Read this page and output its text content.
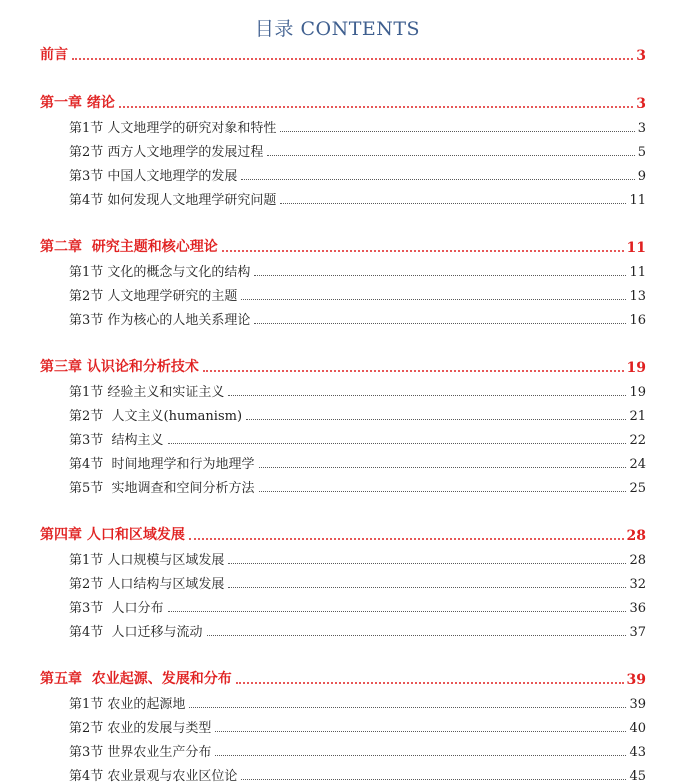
目录 CONTENTS
前言	3
第一章 绪论	3
第1节 人文地理学的研究对象和特性	3
第2节 西方人文地理学的发展过程	5
第3节 中国人文地理学的发展	9
第4节 如何发现人文地理学研究问题	11
第二章 研究主题和核心理论	11
第1节 文化的概念与文化的结构	11
第2节 人文地理学研究的主题	13
第3节 作为核心的人地关系理论	16
第三章 认识论和分析技术	19
第1节 经验主义和实证主义	19
第2节 人文主义(humanism)	21
第3节 结构主义	22
第4节 时间地理学和行为地理学	24
第5节 实地调查和空间分析方法	25
第四章 人口和区域发展	28
第1节 人口规模与区域发展	28
第2节 人口结构与区域发展	32
第3节 人口分布	36
第4节 人口迁移与流动	37
第五章 农业起源、发展和分布	39
第1节 农业的起源地	39
第2节 农业的发展与类型	40
第3节 世界农业生产分布	43
第4节 农业景观与农业区位论	45
